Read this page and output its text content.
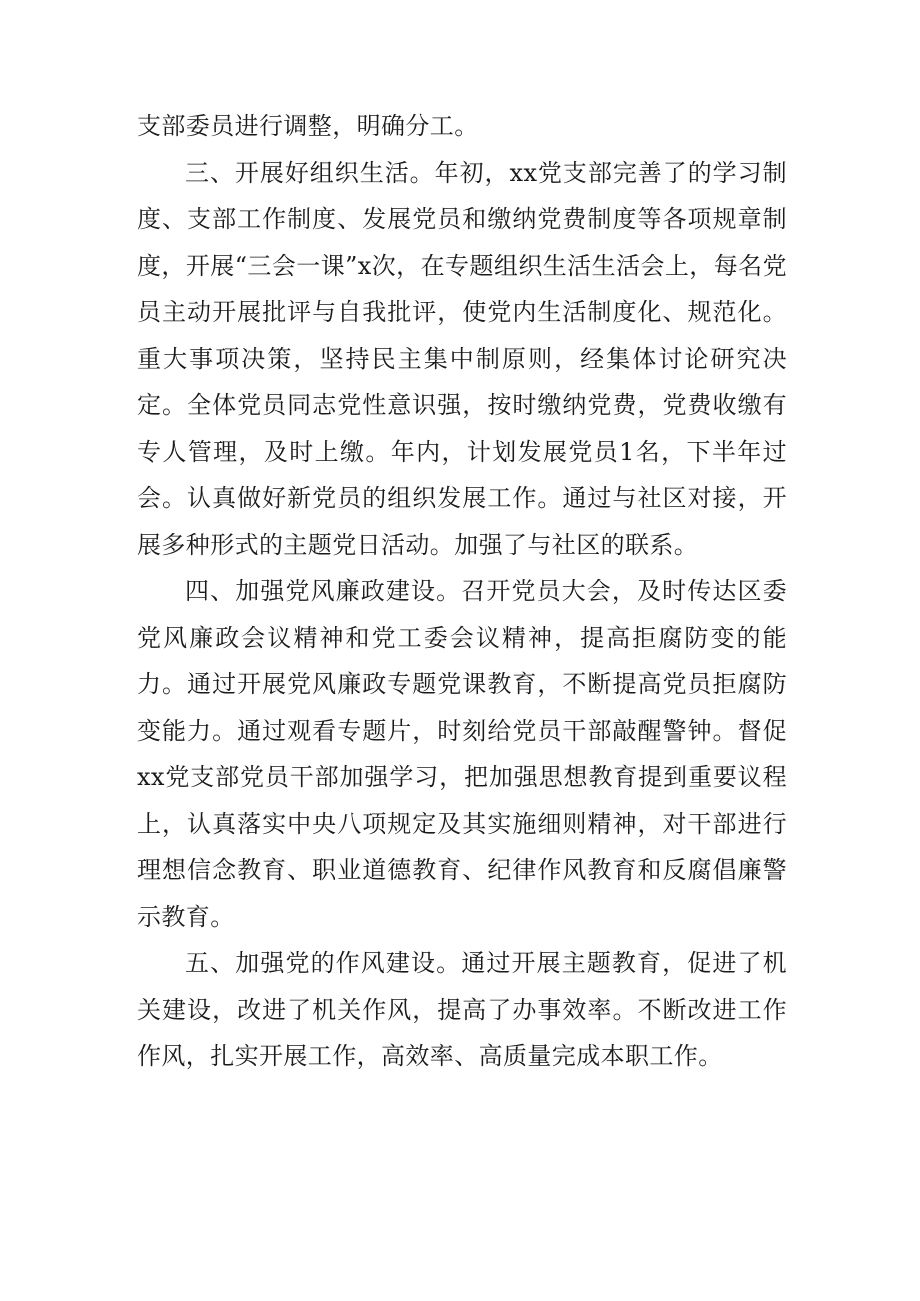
支部委员进行调整，明确分工。

三、开展好组织生活。年初，xx党支部完善了的学习制度、支部工作制度、发展党员和缴纳党费制度等各项规章制度，开展“三会一课”x次，在专题组织生活生活会上，每名党员主动开展批评与自我批评，使党内生活制度化、规范化。重大事项决策，坚持民主集中制原则，经集体讨论研究决定。全体党员同志党性意识强，按时缴纳党费，党费收缴有专人管理，及时上缴。年内，计划发展党员1名，下半年过会。认真做好新党员的组织发展工作。通过与社区对接，开展多种形式的主题党日活动。加强了与社区的联系。

四、加强党风廉政建设。召开党员大会，及时传达区委党风廉政会议精神和党工委会议精神，提高拒腐防变的能力。通过开展党风廉政专题党课教育，不断提高党员拒腐防变能力。通过观看专题片，时刻给党员干部敲醒警钟。督促xx党支部党员干部加强学习，把加强思想教育提到重要议程上，认真落实中央八项规定及其实施细则精神，对干部进行理想信念教育、职业道德教育、纪律作风教育和反腐倡廉警示教育。

五、加强党的作风建设。通过开展主题教育，促进了机关建设，改进了机关作风，提高了办事效率。不断改进工作作风，扎实开展工作，高效率、高质量完成本职工作。
